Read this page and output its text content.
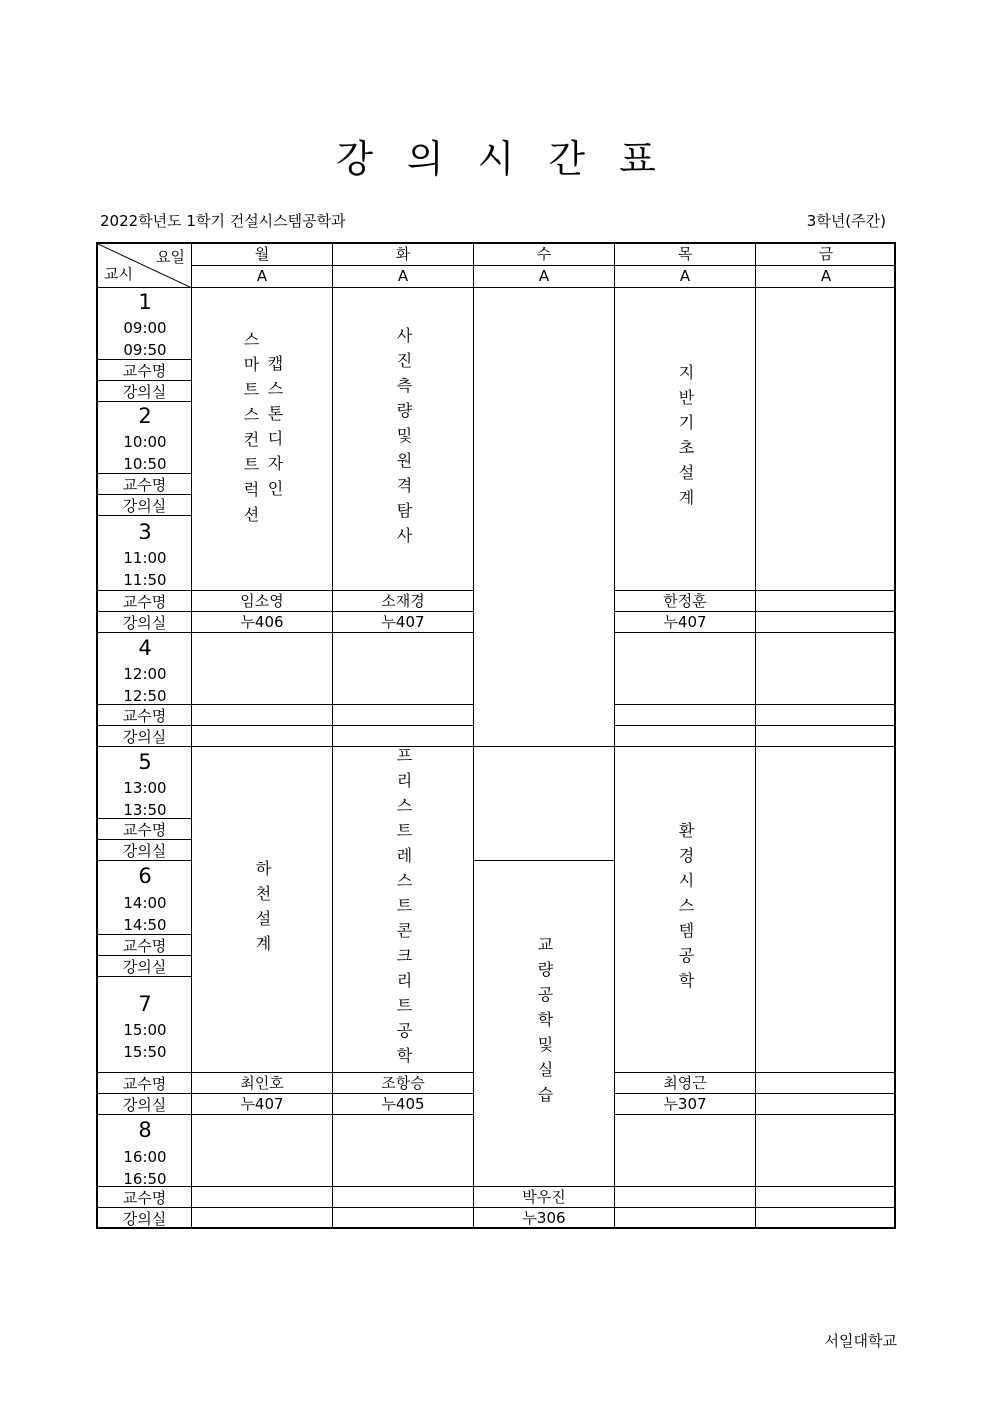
강 의 시 간 표
2022학년도 1학기 건설시스템공학과	3학년(주간)
요일
교시
월
A
화
A
수
A
목
A
금
A
1
09:00
09:50
교수명
강의실
2
10:00
10:50
교수명
강의실
3
11:00
11:50
교수명
강의실
4
12:00
12:50
교수명
강의실
5
13:00
13:50
교수명
강의실
6
14:00
14:50
교수명
강의실
7
15:00
15:50
교수명
강의실
8
16:00
16:50
교수명
강의실
캡스톤디자인
스마트스컨트럭션
임소영
누406
사진측량및원격탐사
소재경
누407
지반기초설계
한정훈
누407
하천설계
최인호
누407
프리스트레스트콘크리트공학
조항승
누405	교량공학및실습
박우진
누306
환경시스템공학
최영근
누307
서일대학교
